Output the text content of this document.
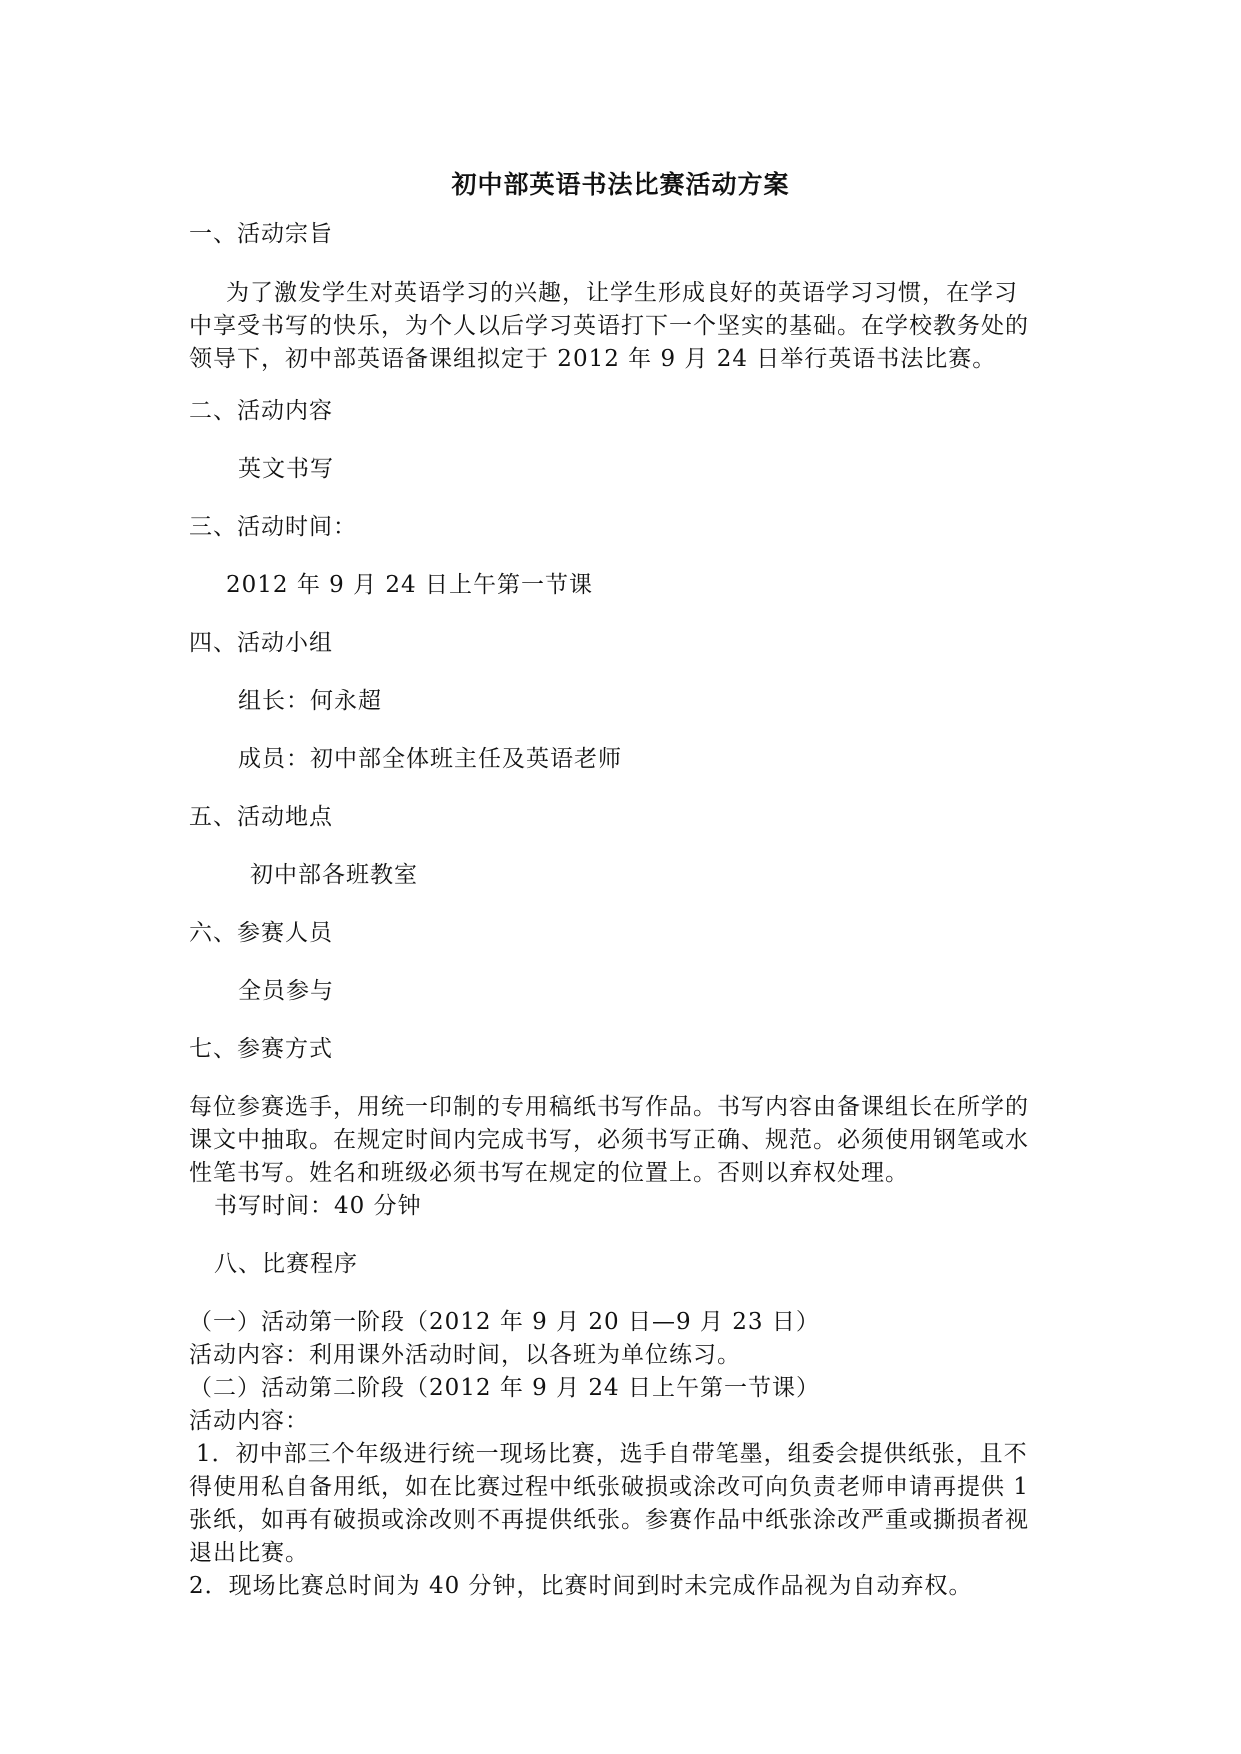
初中部英语书法比赛活动方案
一、活动宗旨
为了激发学生对英语学习的兴趣，让学生形成良好的英语学习习惯，在学习
中享受书写的快乐，为个人以后学习英语打下一个坚实的基础。在学校教务处的
领导下，初中部英语备课组拟定于 2012 年 9 月 24 日举行英语书法比赛。
二、活动内容
英文书写
三、活动时间：
2012 年 9 月 24 日上午第一节课
四、活动小组
组长：何永超
成员：初中部全体班主任及英语老师
五、活动地点
初中部各班教室
六、参赛人员
全员参与
七、参赛方式
每位参赛选手，用统一印制的专用稿纸书写作品。书写内容由备课组长在所学的
课文中抽取。在规定时间内完成书写，必须书写正确、规范。必须使用钢笔或水
性笔书写。姓名和班级必须书写在规定的位置上。否则以弃权处理。
书写时间：40 分钟
八、比赛程序
（一）活动第一阶段（2012 年 9 月 20 日—9 月 23 日）
活动内容：利用课外活动时间，以各班为单位练习。
（二）活动第二阶段（2012 年 9 月 24 日上午第一节课）
活动内容：
1．初中部三个年级进行统一现场比赛，选手自带笔墨，组委会提供纸张，且不
得使用私自备用纸，如在比赛过程中纸张破损或涂改可向负责老师申请再提供 1
张纸，如再有破损或涂改则不再提供纸张。参赛作品中纸张涂改严重或撕损者视
退出比赛。
2．现场比赛总时间为 40 分钟，比赛时间到时未完成作品视为自动弃权。
